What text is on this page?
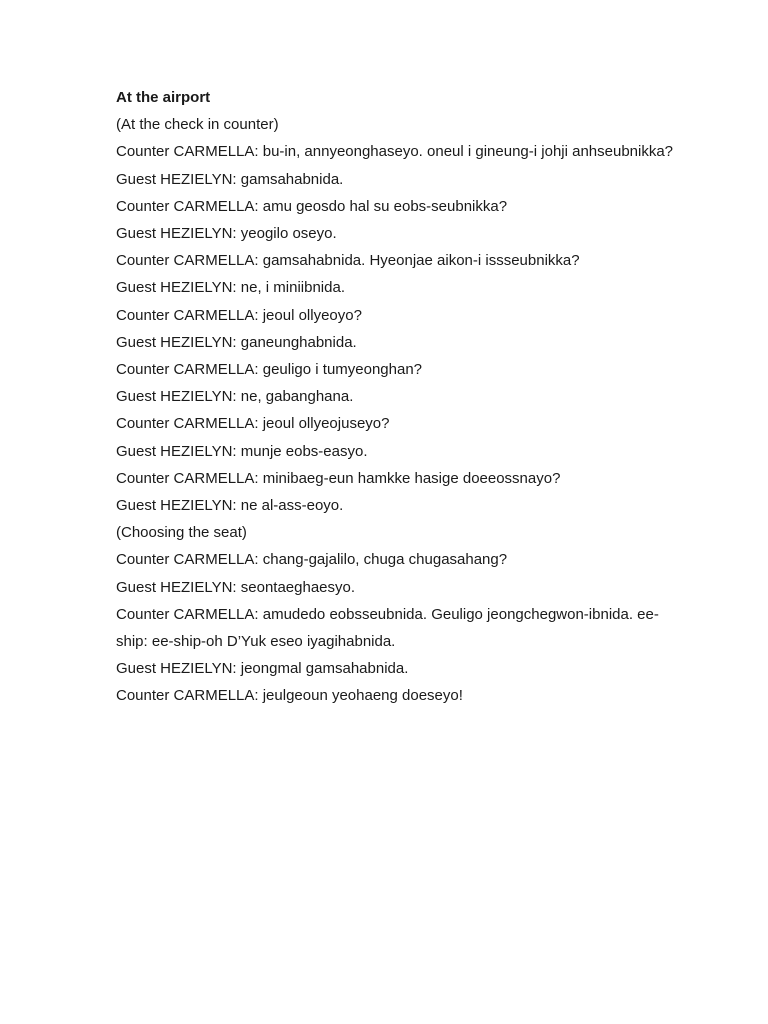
At the airport

(At the check in counter)

Counter CARMELLA: bu-in, annyeonghaseyo. oneul i gineung-i johji anhseubnikka?

Guest HEZIELYN: gamsahabnida.

Counter CARMELLA: amu geosdo hal su eobs-seubnikka?

Guest HEZIELYN: yeogilo oseyo.

Counter CARMELLA: gamsahabnida. Hyeonjae aikon-i issseubnikka?

Guest HEZIELYN: ne, i miniibnida.

Counter CARMELLA: jeoul ollyeoyo?

Guest HEZIELYN: ganeunghabnida.

Counter CARMELLA: geuligo i tumyeonghan?

Guest HEZIELYN: ne, gabanghana.

Counter CARMELLA: jeoul ollyeojuseyo?

Guest HEZIELYN: munje eobs-easyo.

Counter CARMELLA: minibaeg-eun hamkke hasige doeeossnayo?

Guest HEZIELYN: ne al-ass-eoyo.

(Choosing the seat)

Counter CARMELLA: chang-gajalilo, chuga chugasahang?

Guest HEZIELYN: seontaeghaesyo.

Counter CARMELLA: amudedo eobsseubnida. Geuligo jeongchegwon-ibnida. ee-ship: ee-ship-oh D’Yuk eseo iyagihabnida.

Guest HEZIELYN: jeongmal gamsahabnida.

Counter CARMELLA: jeulgeoun yeohaeng doeseyo!
